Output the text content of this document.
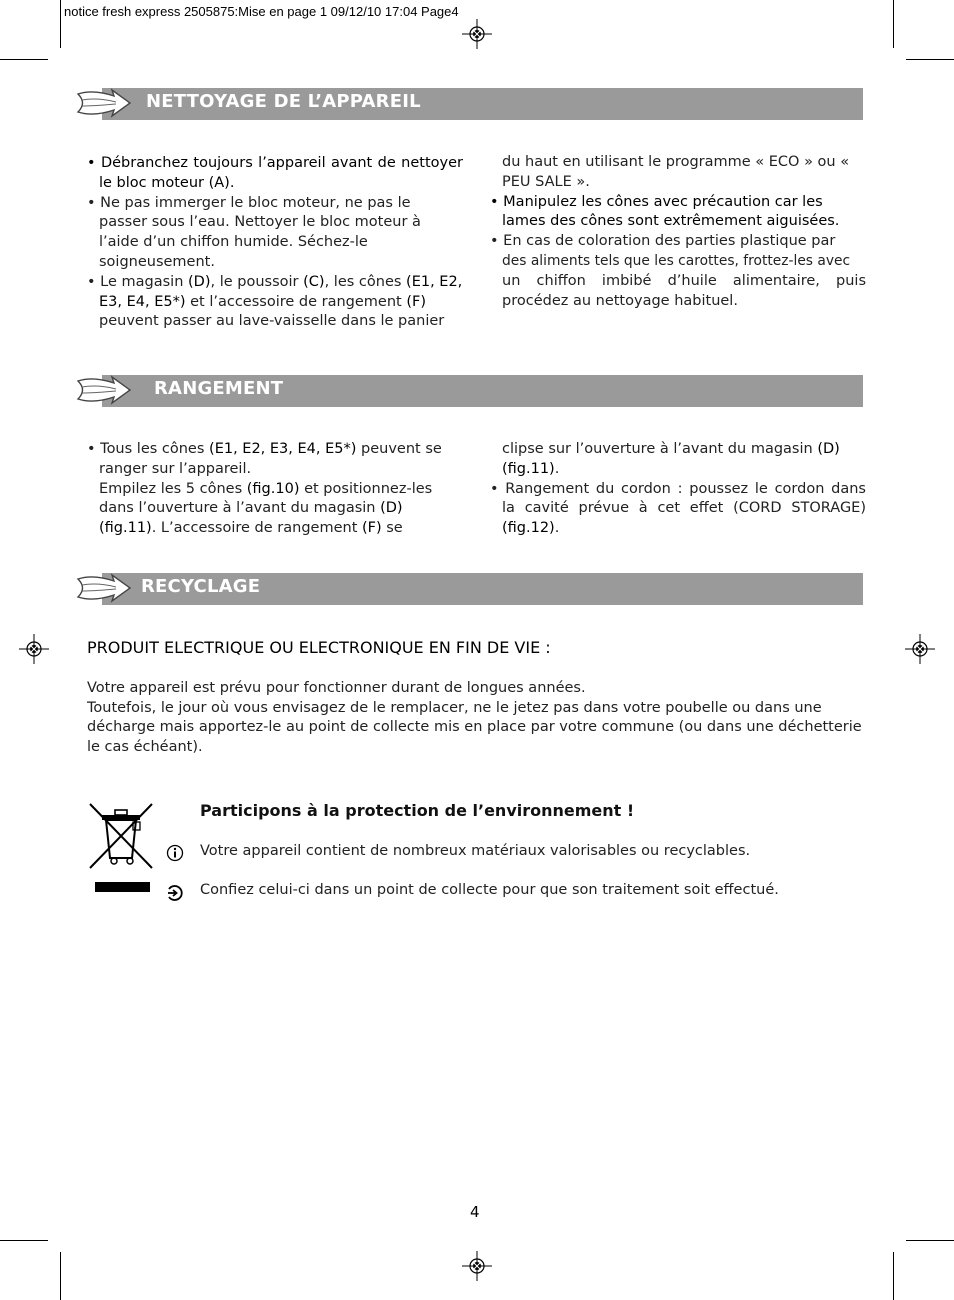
notice fresh express 2505875:Mise en page 1 09/12/10 17:04 Page4
NETTOYAGE DE L’APPAREIL

• Débranchez toujours l’appareil avant de nettoyer le bloc moteur (A).

• Ne pas immerger le bloc moteur, ne pas le

passer sous l’eau. Nettoyer le bloc moteur à

l’aide d’un chiffon humide. Séchez-le

soigneusement.

• Le magasin (D), le poussoir (C), les cônes (E1, E2, E3, E4, E5*) et l’accessoire de rangement (F) peuvent passer au lave-vaisselle dans le panier

du haut en utilisant le programme « ECO » ou « PEU SALE ».

• Manipulez les cônes avec précaution car les lames des cônes sont extrêmement aiguisées.

• En cas de coloration des parties plastique par

des aliments tels que les carottes, frottez-les avec

un chiffon imbibé d’huile alimentaire, puis

procédez au nettoyage habituel.

RANGEMENT

• Tous les cônes (E1, E2, E3, E4, E5*) peuvent se ranger sur l’appareil.

Empilez les 5 cônes (fig.10) et positionnez-les dans l’ouverture à l’avant du magasin (D) (fig.11). L’accessoire de rangement (F) se

clipse sur l’ouverture à l’avant du magasin (D) (fig.11).

• Rangement du cordon : poussez le cordon dans la cavité prévue à cet effet (CORD STORAGE) (fig.12).

RECYCLAGE
PRODUIT ELECTRIQUE OU ELECTRONIQUE EN FIN DE VIE :

Votre appareil est prévu pour fonctionner durant de longues années.

Toutefois, le jour où vous envisagez de le remplacer, ne le jetez pas dans votre poubelle ou dans une décharge mais apportez-le au point de collecte mis en place par votre commune (ou dans une déchetterie le cas échéant).

Participons à la protection de l’environnement !
Votre appareil contient de nombreux matériaux valorisables ou recyclables.
Confiez celui-ci dans un point de collecte pour que son traitement soit effectué.
4
